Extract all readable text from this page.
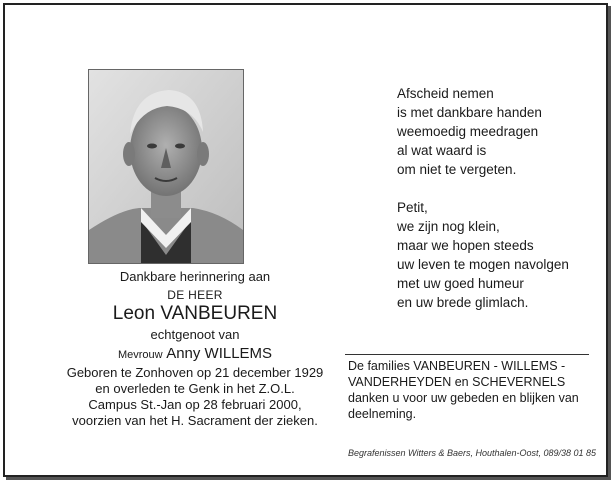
Dankbare herinnering aan
DE HEER
Leon VANBEUREN
echtgenoot van
Mevrouw Anny WILLEMS
Geboren te Zonhoven op 21 december 1929
en overleden te Genk in het Z.O.L.
Campus St.-Jan op 28 februari 2000,
voorzien van het H. Sacrament der zieken.
Afscheid nemen
is met dankbare handen
weemoedig meedragen
al wat waard is
om niet te vergeten.
Petit,
we zijn nog klein,
maar we hopen steeds
uw leven te mogen navolgen
met uw goed humeur
en uw brede glimlach.
De families VANBEUREN - WILLEMS -
VANDERHEYDEN en SCHEVERNELS
danken u voor uw gebeden en blijken van
deelneming.
Begrafenissen Witters & Baers, Houthalen-Oost, 089/38 01 85
